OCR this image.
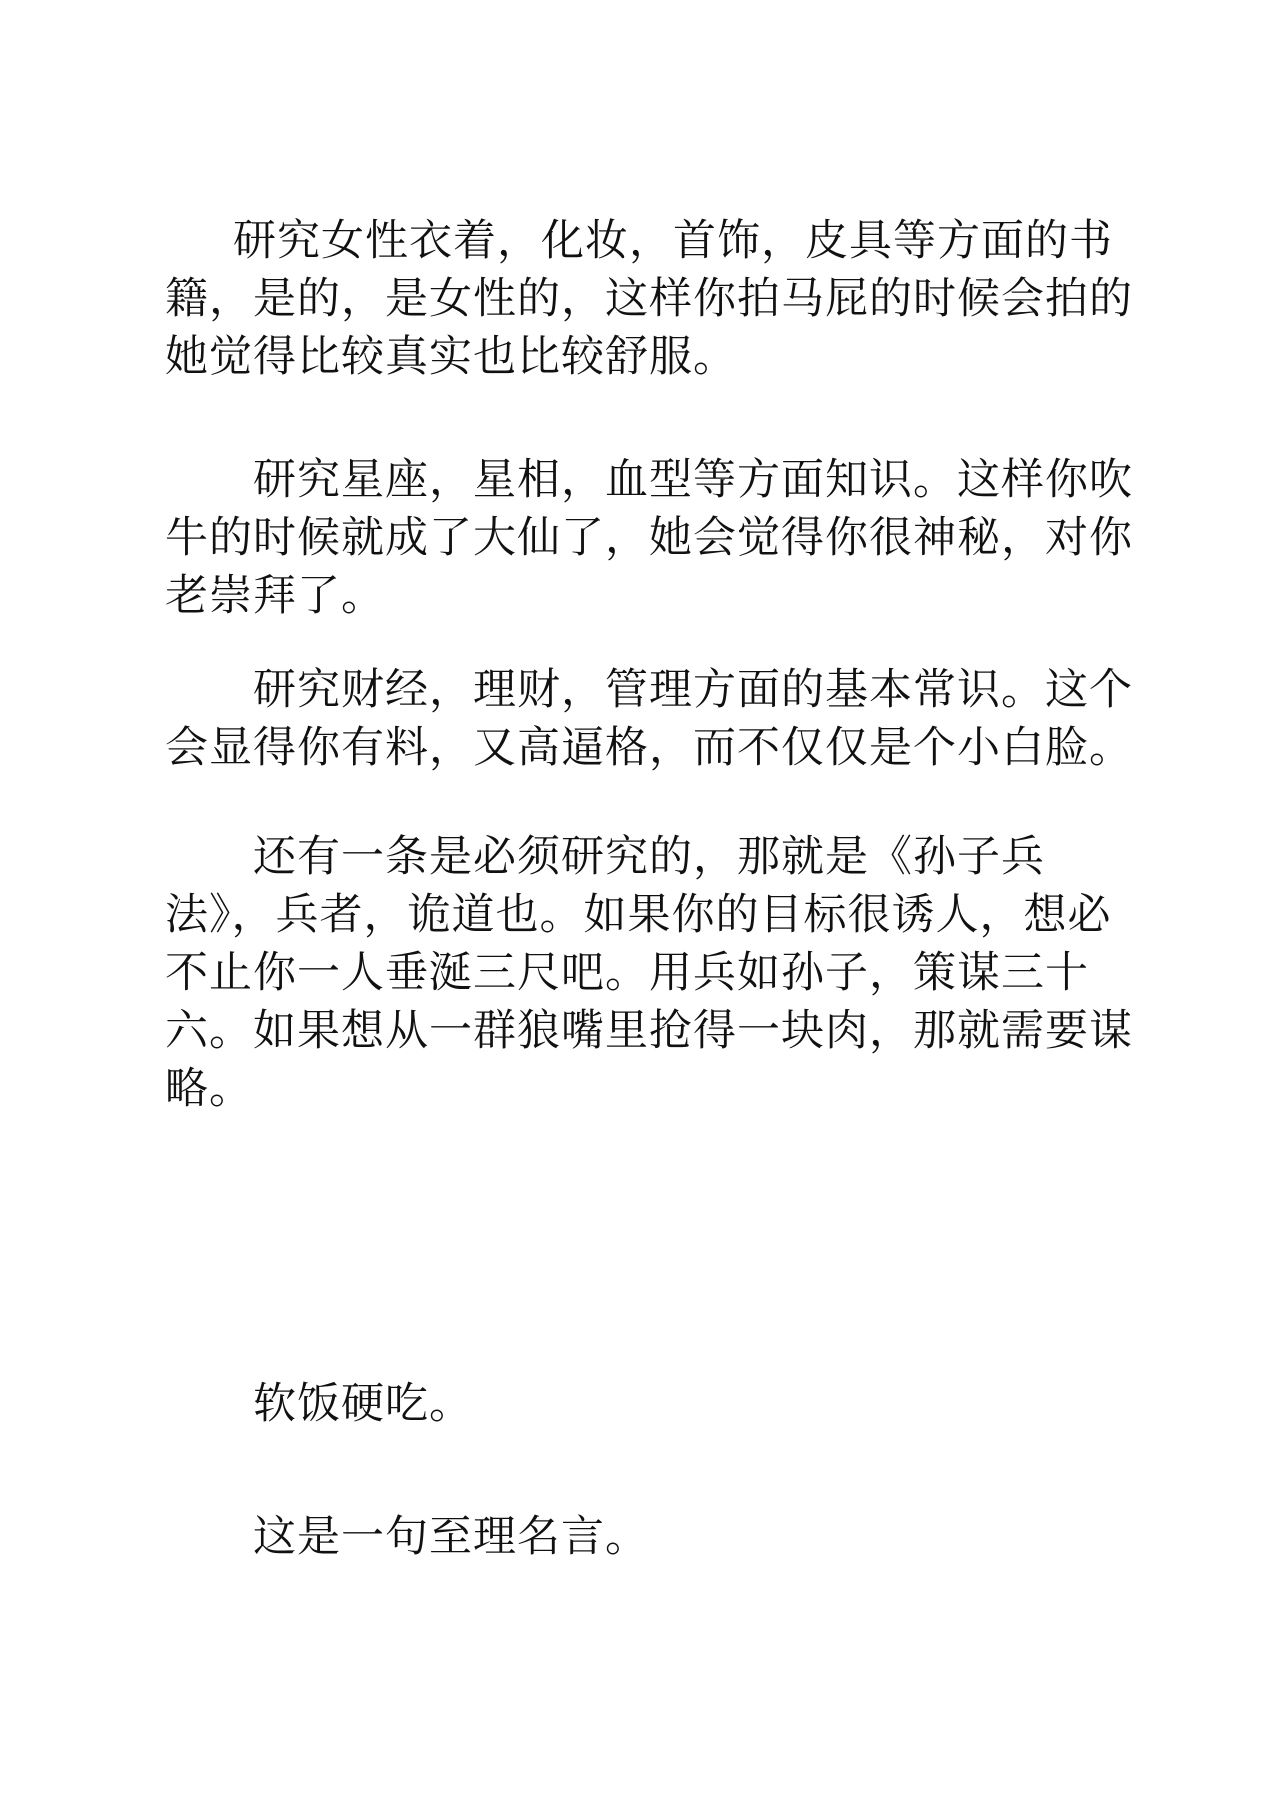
研究女性衣着，化妆，首饰，皮具等方面的书
籍，是的，是女性的，这样你拍马屁的时候会拍的
她觉得比较真实也比较舒服。

研究星座，星相，血型等方面知识。这样你吹
牛的时候就成了大仙了，她会觉得你很神秘，对你
老崇拜了。

研究财经，理财，管理方面的基本常识。这个
会显得你有料，又高逼格，而不仅仅是个小白脸。

还有一条是必须研究的，那就是《孙子兵
法》，兵者，诡道也。如果你的目标很诱人，想必
不止你一人垂涎三尺吧。用兵如孙子，策谋三十
六。如果想从一群狼嘴里抢得一块肉，那就需要谋
略。

软饭硬吃。

这是一句至理名言。
